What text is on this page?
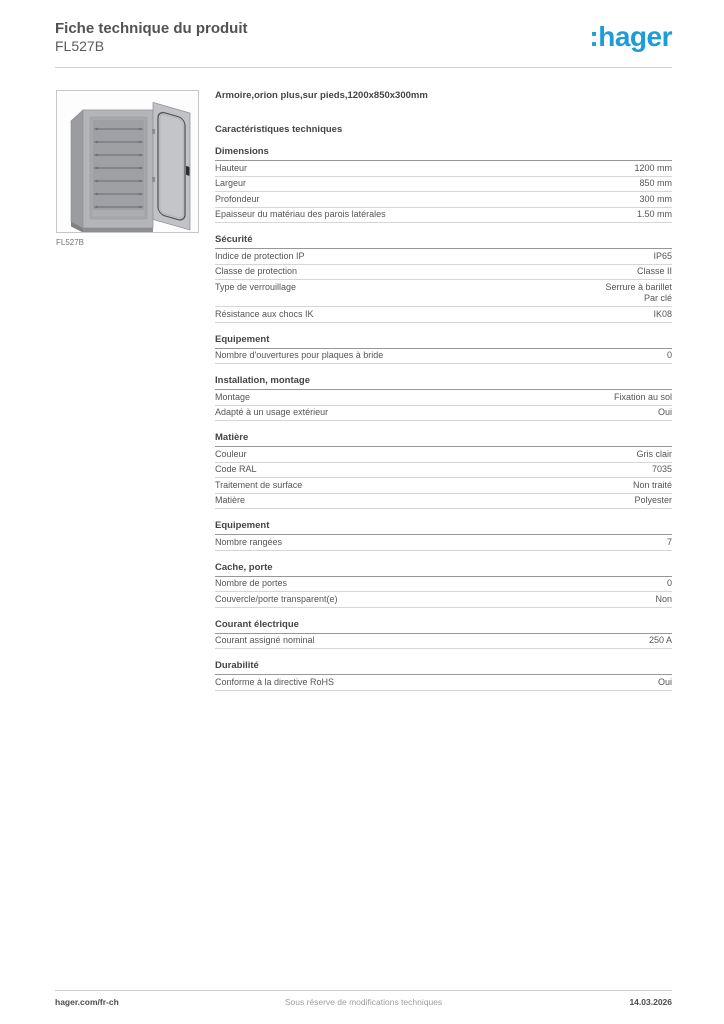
Fiche technique du produit
FL527B	:hager
FL527B
Armoire,orion plus,sur pieds,1200x850x300mm
Caractéristiques techniques
Dimensions
Hauteur	1200 mm
Largeur	850 mm
Profondeur	300 mm
Epaisseur du matériau des parois latérales	1.50 mm
Sécurité
Indice de protection IP	IP65
Classe de protection	Classe II
Type de verrouillage	Serrure à barillet
Par clé
Résistance aux chocs IK	IK08
Equipement
Nombre d'ouvertures pour plaques à bride	0
Installation, montage
Montage	Fixation au sol
Adapté à un usage extérieur	Oui
Matière
Couleur	Gris clair
Code RAL	7035
Traitement de surface	Non traité
Matière	Polyester
Equipement
Nombre rangées	7
Cache, porte
Nombre de portes	0
Couvercle/porte transparent(e)	Non
Courant électrique
Courant assigné nominal	250 A
Durabilité
Conforme à la directive RoHS	Oui
hager.com/fr-ch	Sous réserve de modifications techniques	14.03.2026
